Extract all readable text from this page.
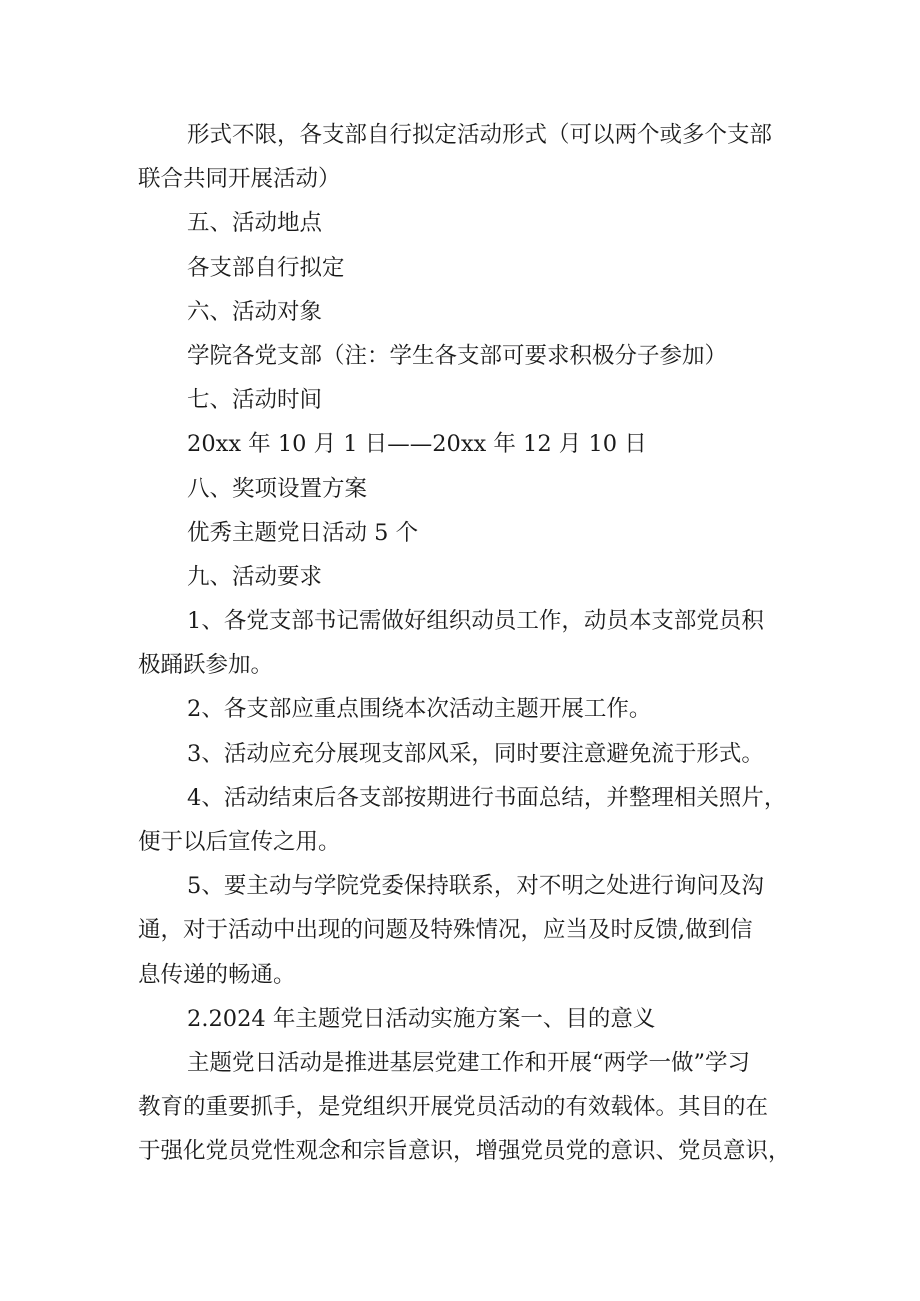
形式不限，各支部自行拟定活动形式（可以两个或多个支部
联合共同开展活动）
五、活动地点
各支部自行拟定
六、活动对象
学院各党支部（注：学生各支部可要求积极分子参加）
七、活动时间
20xx 年 10 月 1 日——20xx 年 12 月 10 日
八、奖项设置方案
优秀主题党日活动 5 个
九、活动要求
1、各党支部书记需做好组织动员工作，动员本支部党员积
极踊跃参加。
2、各支部应重点围绕本次活动主题开展工作。
3、活动应充分展现支部风采，同时要注意避免流于形式。
4、活动结束后各支部按期进行书面总结，并整理相关照片，
便于以后宣传之用。
5、要主动与学院党委保持联系，对不明之处进行询问及沟
通，对于活动中出现的问题及特殊情况，应当及时反馈,做到信
息传递的畅通。
2.2024 年主题党日活动实施方案一、目的意义
主题党日活动是推进基层党建工作和开展“两学一做”学习
教育的重要抓手，是党组织开展党员活动的有效载体。其目的在
于强化党员党性观念和宗旨意识，增强党员党的意识、党员意识，
